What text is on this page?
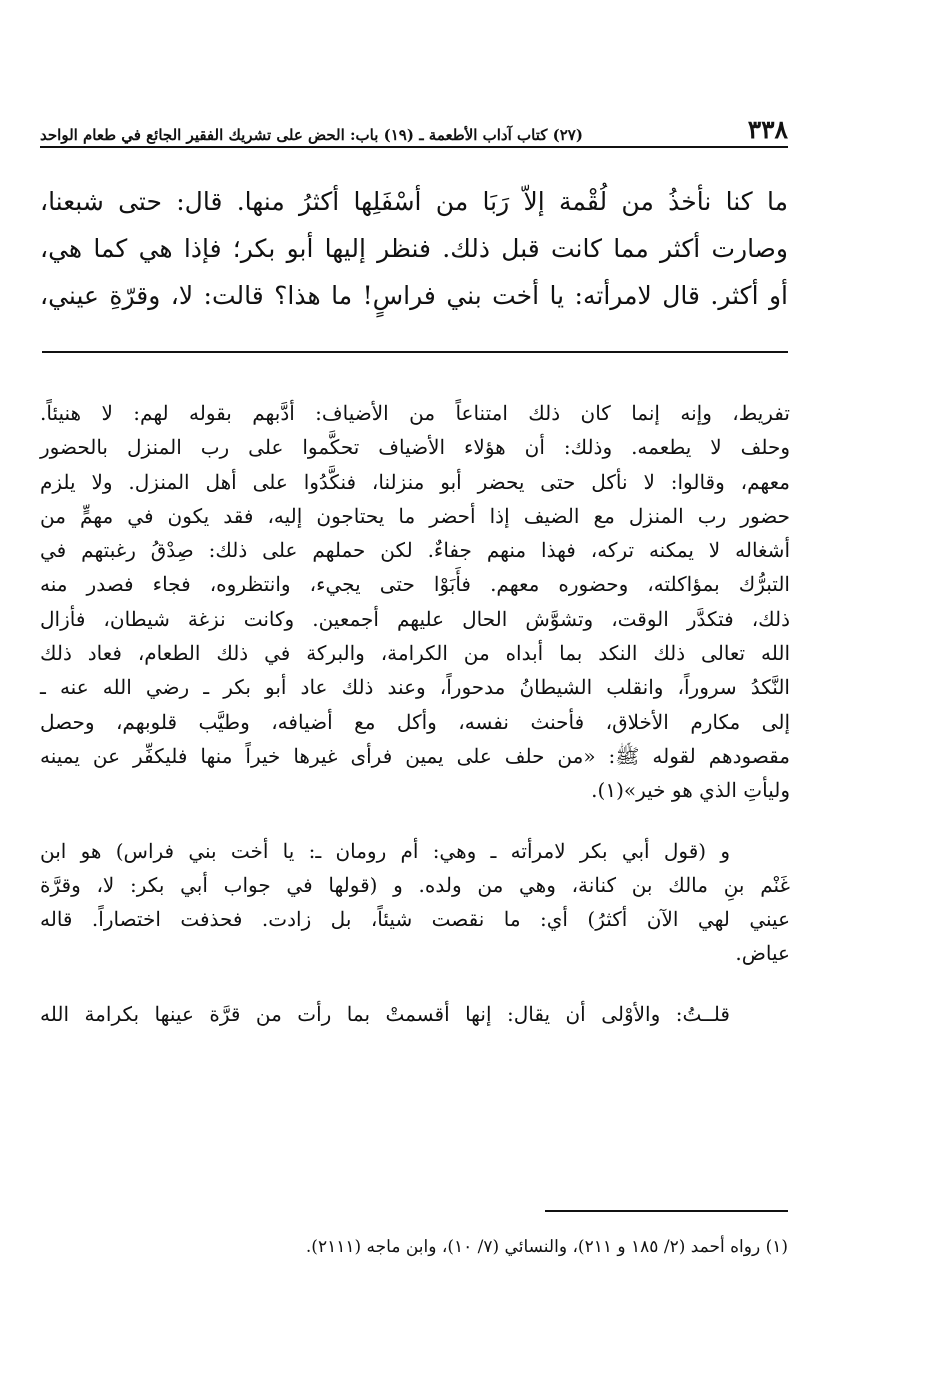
٣٣٨
(٢٧) كتاب آداب الأطعمة ـ (١٩) باب: الحض على تشريك الفقير الجائع في طعام الواحد
ما كنا نأخذُ من لُقْمة إلاّ رَبَا من أسْفَلِها أكثرُ منها. قال: حتى شبعنا،
وصارت أكثر مما كانت قبل ذلك. فنظر إليها أبو بكر؛ فإذا هي كما هي،
أو أكثر. قال لامرأته: يا أخت بني فراسٍ! ما هذا؟ قالت: لا، وقرّةِ عيني،
تفريط، وإنه إنما كان ذلك امتناعاً من الأضياف: أدَّبهم بقوله لهم: لا هنيئاً.
وحلف لا يطعمه. وذلك: أن هؤلاء الأضياف تحكَّموا على رب المنزل بالحضور
معهم، وقالوا: لا نأكل حتى يحضر أبو منزلنا، فنكَّدُوا على أهل المنزل. ولا يلزم
حضور رب المنزل مع الضيف إذا أحضر ما يحتاجون إليه، فقد يكون في مهمٍّ من
أشغاله لا يمكنه تركه، فهذا منهم جفاءٌ. لكن حملهم على ذلك: صِدْقُ رغبتهم في
التبرُّك بمؤاكلته، وحضوره معهم. فأَبَوْا حتى يجيء، وانتظروه، فجاء فصدر منه
ذلك، فتكدَّر الوقت، وتشوَّش الحال عليهم أجمعين. وكانت نزغة شيطان، فأزال
الله تعالى ذلك النكد بما أبداه من الكرامة، والبركة في ذلك الطعام، فعاد ذلك
النَّكدُ سروراً، وانقلب الشيطانُ مدحوراً، وعند ذلك عاد أبو بكر ـ رضي الله عنه ـ
إلى مكارم الأخلاق، فأحنث نفسه، وأكل مع أضيافه، وطيَّب قلوبهم، وحصل
مقصودهم لقوله ﷺ: «من حلف على يمين فرأى غيرها خيراً منها فليكفِّر عن يمينه
وليأتِ الذي هو خير»(١).
و (قول أبي بكر لامرأته ـ وهي: أم رومان ـ: يا أخت بني فراس) هو ابن
غَنْم بنِ مالك بن كنانة، وهي من ولده. و (قولها في جواب أبي بكر: لا، وقرَّة
عيني لهي الآن أكثرُ) أي: ما نقصت شيئاً، بل زادت. فحذفت اختصاراً. قاله
عياض.
قلــتُ: والأوْلى أن يقال: إنها أقسمتْ بما رأت من قرَّة عينها بكرامة الله
(١) رواه أحمد (٢/ ١٨٥ و ٢١١)، والنسائي (٧/ ١٠)، وابن ماجه (٢١١١).
